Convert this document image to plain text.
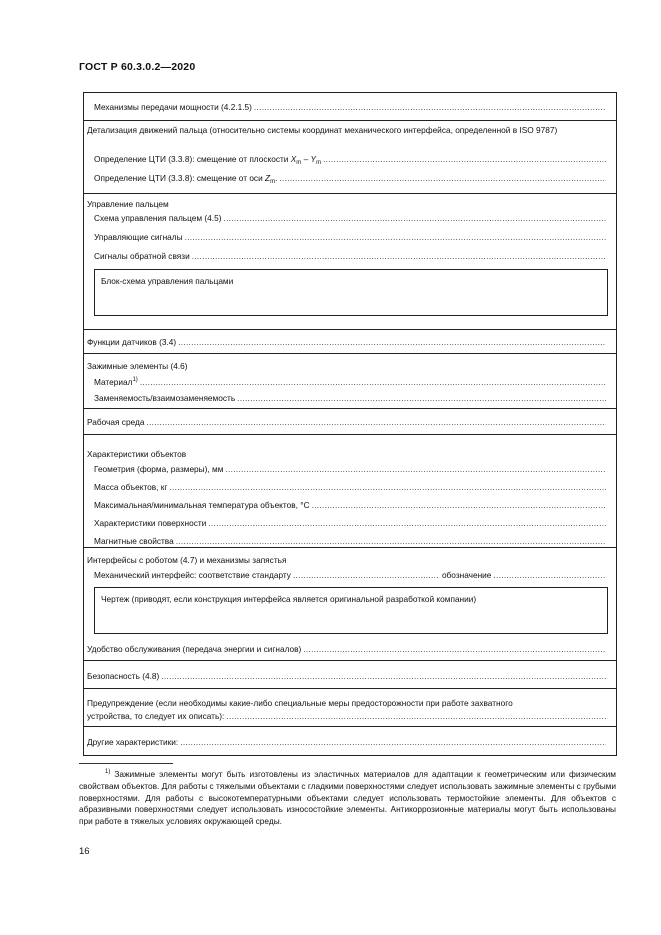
ГОСТ Р 60.3.0.2—2020
Механизмы передачи мощности (4.2.1.5)
.....
Детализация движений пальца (относительно системы координат механического интерфейса, определенной в ISO 9787)
Определение ЦТИ (3.3.8): смещение от плоскости $X_m - Y_m$
.....
Определение ЦТИ (3.3.8): смещение от оси $Z_m$.
.....
Управление пальцем
Схема управления пальцем (4.5)
.....
Управляющие сигналы
.....
Сигналы обратной связи
.....
Блок-схема управления пальцами
Функции датчиков (3.4)
.....
Зажимные элементы (4.6)
Материал$^{1)}$
.....
Заменяемость/взаимозаменяемость
.....
Рабочая среда
.....
Характеристики объектов
Геометрия (форма, размеры), мм
.....
Масса объектов, кг
.....
Максимальная/минимальная температура объектов, °С
.....
Характеристики поверхности
.....
Магнитные свойства
.....
Интерфейсы с роботом (4.7) и механизмы запястья
Механический интерфейс: соответствие стандарту
.....	обозначение
.....
Чертеж (приводят, если конструкция интерфейса является оригинальной разработкой компании)
Удобство обслуживания (передача энергии и сигналов)
.....
Безопасность (4.8)
.....
Предупреждение (если необходимы какие-либо специальные меры предосторожности при работе захватного
устройства, то следует их описать):
.....
Другие характеристики:
.....
$^{1)}$ Зажимные элементы могут быть изготовлены из эластичных материалов для адаптации к геометрическим или физическим свойствам объектов. Для работы с тяжелыми объектами с гладкими поверхностями следует использовать зажимные элементы с грубыми поверхностями. Для работы с высокотемпературными объектами следует использовать термостойкие элементы. Для объектов с абразивными поверхностями следует использовать износостойкие элементы. Антикоррозионные материалы могут быть использованы при работе в тяжелых условиях окружающей среды.
16
